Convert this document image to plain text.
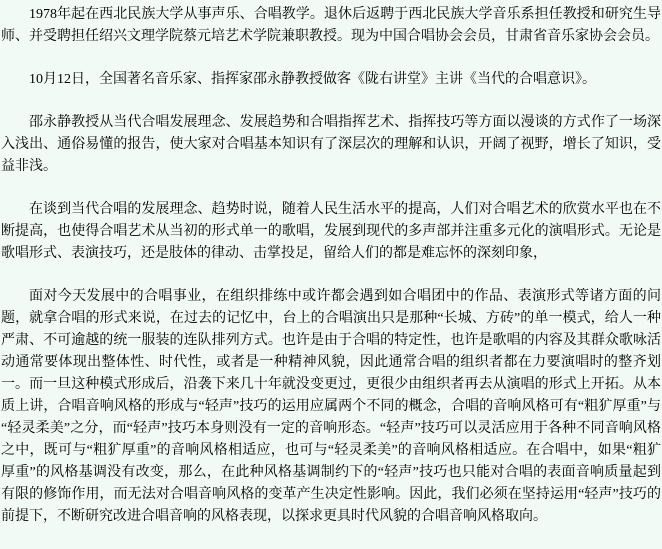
1978年起在西北民族大学从事声乐、合唱教学。退休后返聘于西北民族大学音乐系担任教授和研究生导师、并受聘担任绍兴文理学院蔡元培艺术学院兼职教授。现为中国合唱协会会员，甘肃省音乐家协会会员。

10月12日，全国著名音乐家、指挥家邵永静教授做客《陇右讲堂》主讲《当代的合唱意识》。

邵永静教授从当代合唱发展理念、发展趋势和合唱指挥艺术、指挥技巧等方面以漫谈的方式作了一场深入浅出、通俗易懂的报告，使大家对合唱基本知识有了深层次的理解和认识，开阔了视野，增长了知识，受益非浅。

在谈到当代合唱的发展理念、趋势时说，随着人民生活水平的提高，人们对合唱艺术的欣赏水平也在不断提高，也使得合唱艺术从当初的形式单一的歌唱，发展到现代的多声部并注重多元化的演唱形式。无论是歌唱形式、表演技巧，还是肢体的律动、击掌投足，留给人们的都是难忘怀的深刻印象，

面对今天发展中的合唱事业，在组织排练中或许都会遇到如合唱团中的作品、表演形式等诸方面的问题，就拿合唱的形式来说，在过去的记忆中，台上的合唱演出只是那种“长城、方砖”的单一模式，给人一种严肃、不可逾越的统一服装的连队排列方式。也许是由于合唱的特定性，也许是歌唱的内容及其群众歌咏活动通常要体现出整体性、时代性，或者是一种精神风貌，因此通常合唱的组织者都在力要演唱时的整齐划一。而一旦这种模式形成后，沿袭下来几十年就没变更过，更很少由组织者再去从演唱的形式上开拓。从本质上讲，合唱音响风格的形成与“轻声”技巧的运用应属两个不同的概念，合唱的音响风格可有“粗犷厚重”与“轻灵柔美”之分，而“轻声”技巧本身则没有一定的音响形态。“轻声”技巧可以灵活应用于各种不同音响风格之中，既可与“粗犷厚重”的音响风格相适应，也可与“轻灵柔美”的音响风格相适应。在合唱中，如果“粗犷厚重”的风格基调没有改变，那么，在此种风格基调制约下的“轻声”技巧也只能对合唱的表面音响质量起到有限的修饰作用，而无法对合唱音响风格的变革产生决定性影响。因此，我们必须在坚持运用“轻声”技巧的前提下，不断研究改进合唱音响的风格表现，以探求更具时代风貌的合唱音响风格取向。
